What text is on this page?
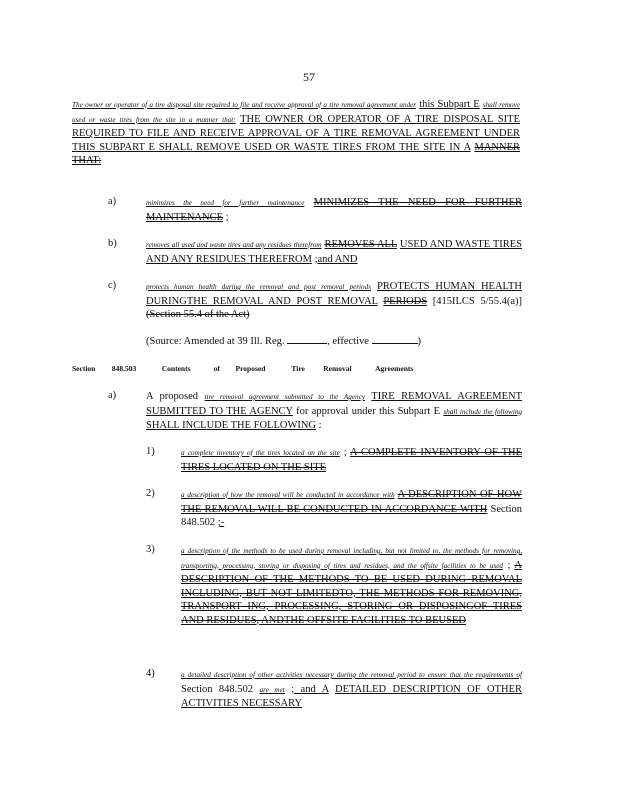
57
The owner or operator of a tire disposal site required to file and receive approval of a tire removal agreement under this Subpart E shall remove used or waste tires from the site in a manner that: THE OWNER OR OPERATOR OF A TIRE DISPOSAL SITE REQUIRED TO FILE AND RECEIVE APPROVAL OF A TIRE REMOVAL AGREEMENT UNDER THIS SUBPART E SHALL REMOVE USED OR WASTE TIRES FROM THE SITE IN A MANNER THAT:
a)	minimizes the need for further maintenance MINIMIZES THE NEED FOR FURTHER MAINTENANCE ;
b)	removes all used and waste tires and any residues therefrom REMOVES ALL USED AND WASTE TIRES AND ANY RESIDUES THEREFROM ;and AND
c)	protects human health during the removal and post removal periods PROTECTS HUMAN HEALTH DURINGTHE REMOVAL AND POST REMOVAL PERIODS [415ILCS 5/55.4(a)] (Section 55.4 of the Act)
(Source: Amended at 39 Ill. Reg.	, effective	)
Section 848.503	Contents	of Proposed	Tire Removal	Agreements
a)	A proposed tire removal agreement submitted to the Agency TIRE REMOVAL AGREEMENT SUBMITTED TO THE AGENCY for approval under this Subpart E shall include the following SHALL INCLUDE THE FOLLOWING :
1)	a complete inventory of the tires located on the site ; A COMPLETE INVENTORY OF THE TIRES LOCATED ON THE SITE
2)	a description of how the removal will be conducted in accordance with A DESCRIPTION OF HOW THE REMOVAL WILL BE CONDUCTED IN ACCORDANCE WITH Section 848.502 ;-
3)	a description of the methods to be used during removal including, but not limited to, the methods for removing, transporting, processing, storing or disposing of tires and residues, and the offsite facilities to be used ; A DESCRIPTION OF THE METHODS TO BE USED DURING REMOVAL INCLUDING, BUT NOT LIMITEDTO, THE METHODS FOR REMOVING, TRANSPORT ING, PROCESSING, STORING OR DISPOSINGOF TIRES AND RESIDUES, ANDTHE OFFSITE FACILITIES TO BEUSED
4)	a detailed description of other activities necessary during the removal period to ensure that the requirements of Section 848.502 are met ; and A DETAILED DESCRIPTION OF OTHER ACTIVITIES NECESSARY
